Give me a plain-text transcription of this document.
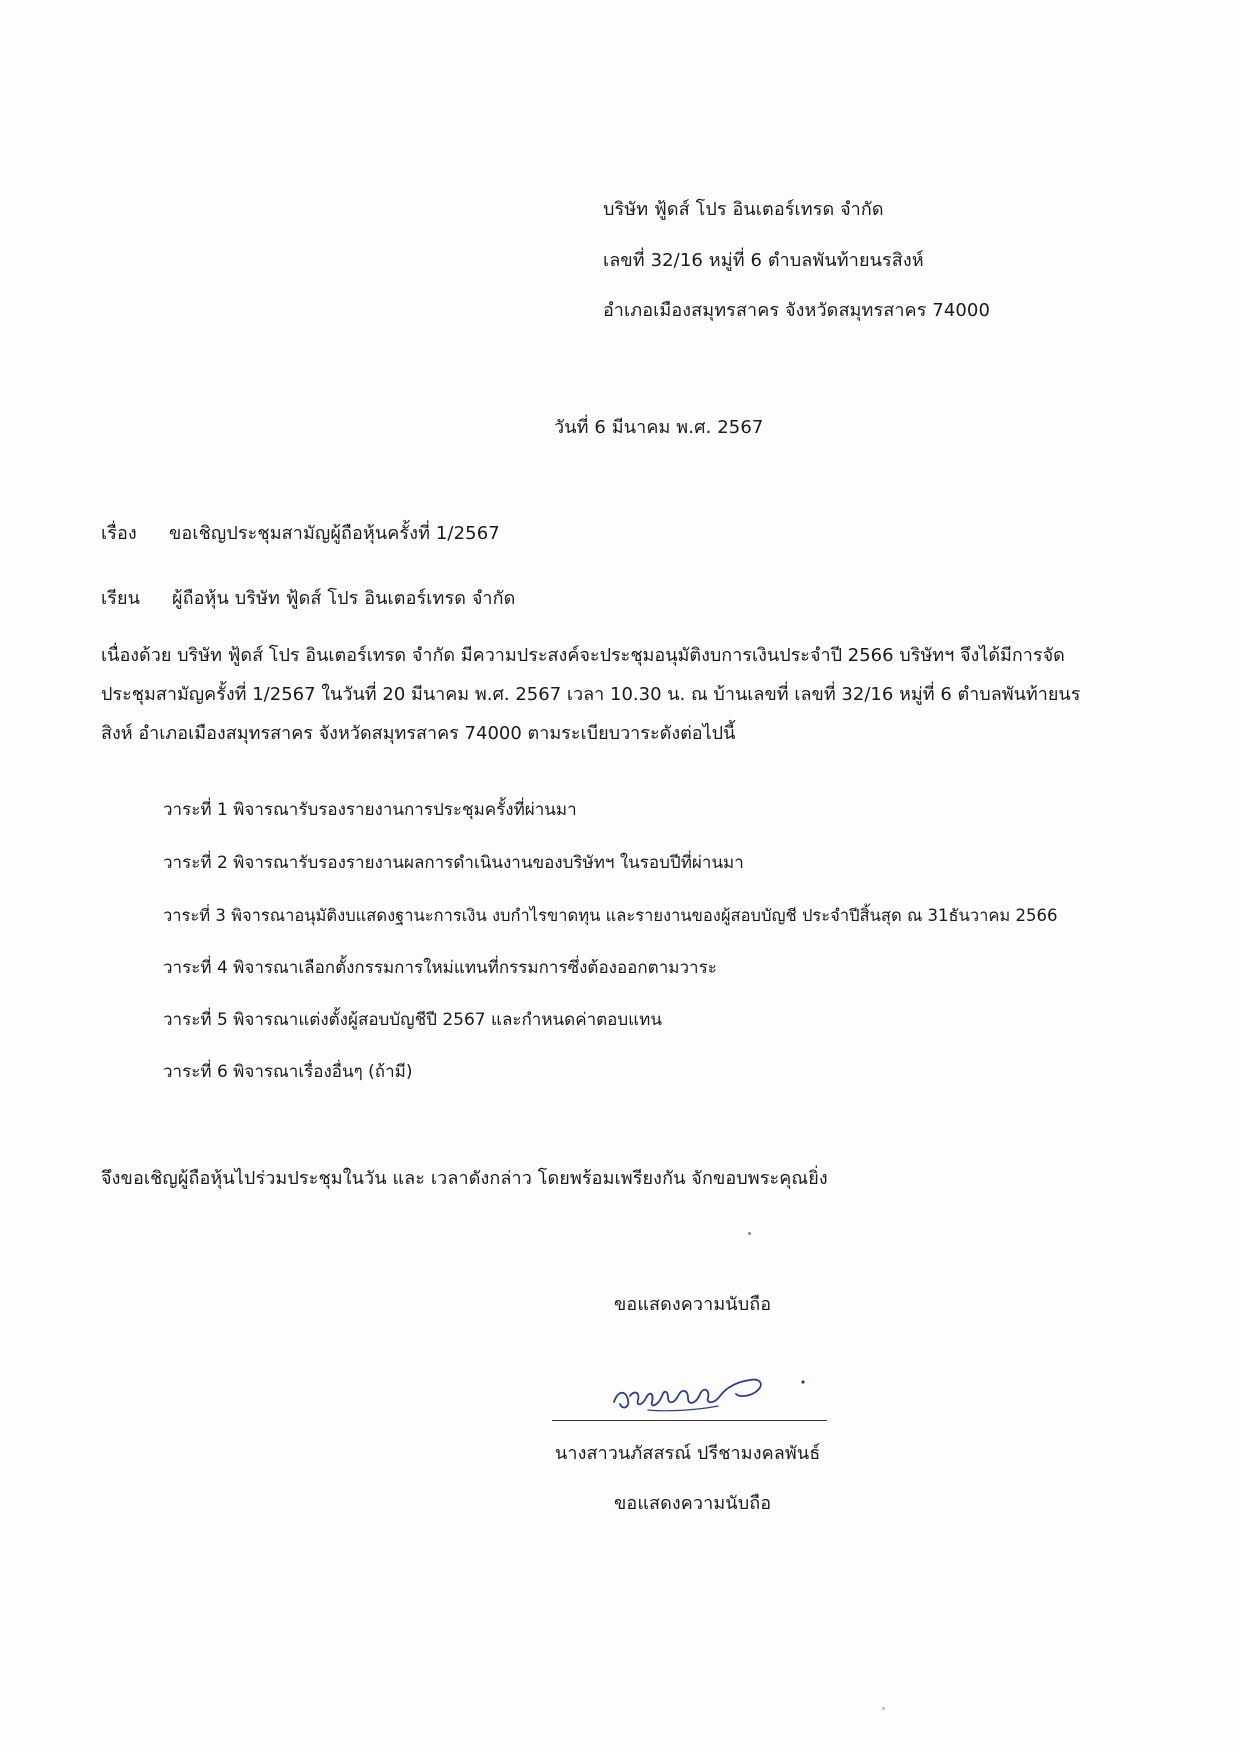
บริษัท ฟู้ดส์ โปร อินเตอร์เทรด จำกัด
เลขที่ 32/16 หมู่ที่ 6 ตำบลพันท้ายนรสิงห์
อำเภอเมืองสมุทรสาคร จังหวัดสมุทรสาคร 74000
วันที่ 6 มีนาคม พ.ศ. 2567
เรื่อง ขอเชิญประชุมสามัญผู้ถือหุ้นครั้งที่ 1/2567
เรียน ผู้ถือหุ้น บริษัท ฟู้ดส์ โปร อินเตอร์เทรด จำกัด
เนื่องด้วย บริษัท ฟู้ดส์ โปร อินเตอร์เทรด จำกัด มีความประสงค์จะประชุมอนุมัติงบการเงินประจำปี 2566 บริษัทฯ จึงได้มีการจัด
ประชุมสามัญครั้งที่ 1/2567 ในวันที่ 20 มีนาคม พ.ศ. 2567 เวลา 10.30 น. ณ บ้านเลขที่ เลขที่ 32/16 หมู่ที่ 6 ตำบลพันท้ายนร
สิงห์ อำเภอเมืองสมุทรสาคร จังหวัดสมุทรสาคร 74000 ตามระเบียบวาระดังต่อไปนี้
วาระที่ 1 พิจารณารับรองรายงานการประชุมครั้งที่ผ่านมา
วาระที่ 2 พิจารณารับรองรายงานผลการดำเนินงานของบริษัทฯ ในรอบปีที่ผ่านมา
วาระที่ 3 พิจารณาอนุมัติงบแสดงฐานะการเงิน งบกำไรขาดทุน และรายงานของผู้สอบบัญชี ประจำปีสิ้นสุด ณ 31ธันวาคม 2566
วาระที่ 4 พิจารณาเลือกตั้งกรรมการใหม่แทนที่กรรมการซึ่งต้องออกตามวาระ
วาระที่ 5 พิจารณาแต่งตั้งผู้สอบบัญชีปี 2567 และกำหนดค่าตอบแทน
วาระที่ 6 พิจารณาเรื่องอื่นๆ (ถ้ามี)
จึงขอเชิญผู้ถือหุ้นไปร่วมประชุมในวัน และ เวลาดังกล่าว โดยพร้อมเพรียงกัน จักขอบพระคุณยิ่ง
ขอแสดงความนับถือ
นางสาวนภัสสรณ์ ปรีชามงคลพันธ์
ขอแสดงความนับถือ
